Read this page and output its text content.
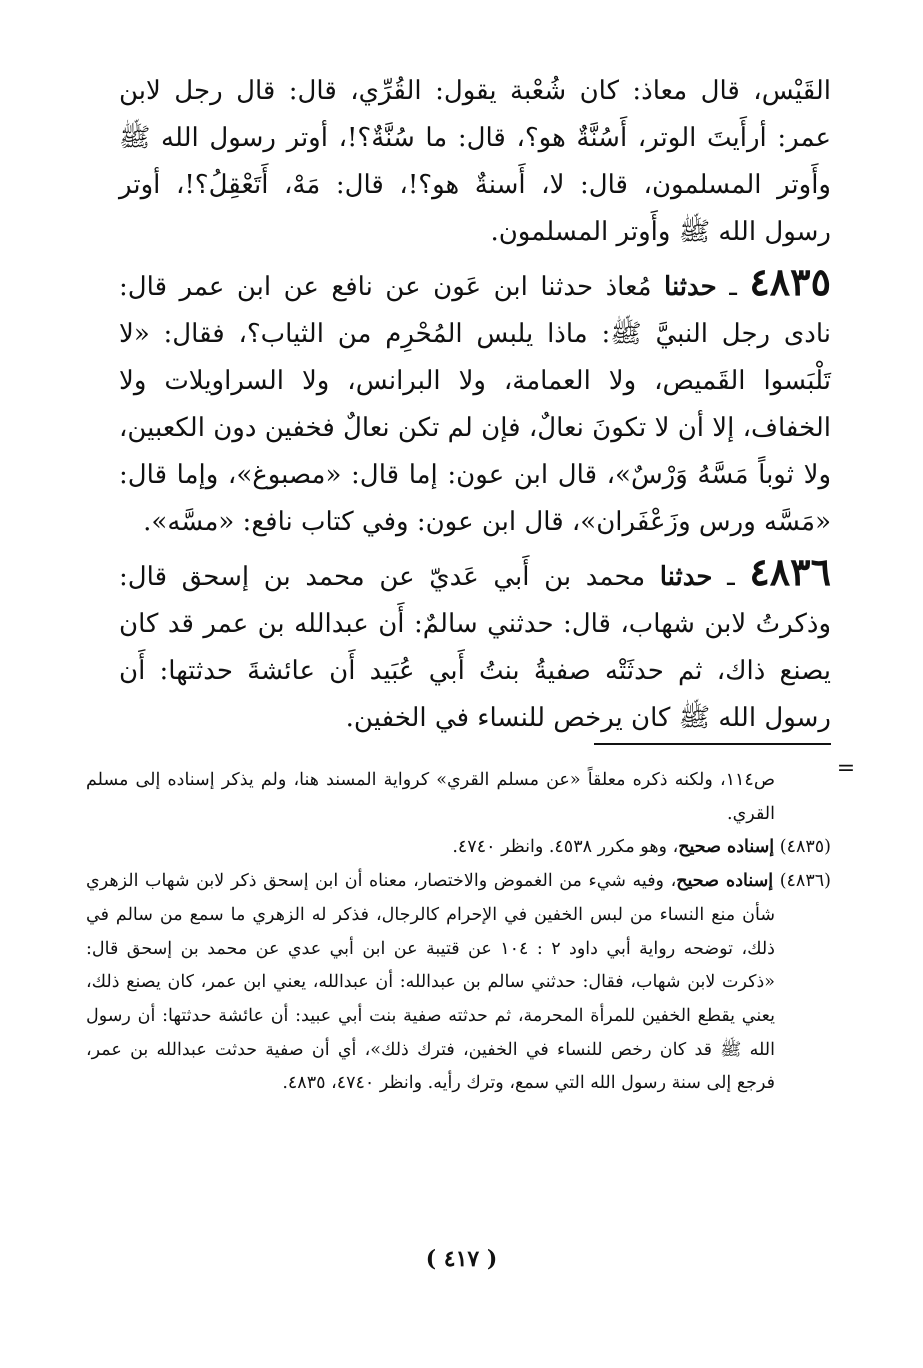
القَيْس، قال معاذ: كان شُعْبة يقول: القُرِّي، قال: قال رجل لابن عمر: أرأَيتَ الوتر، أَسُنَّةٌ هو؟، قال: ما سُنَّةٌ؟!، أوتر رسول الله ﷺ وأَوتر المسلمون، قال: لا، أَسنةٌ هو؟!، قال: مَهْ، أَتَعْقِلُ؟!، أوتر رسول الله ﷺ وأَوتر المسلمون.

٤٨٣٥ ـ حدثنا مُعاذ حدثنا ابن عَون عن نافع عن ابن عمر قال: نادى رجل النبيَّ ﷺ: ماذا يلبس المُحْرِم من الثياب؟، فقال: «لا تَلْبَسوا القَميص، ولا العمامة، ولا البرانس، ولا السراويلات ولا الخفاف، إلا أن لا تكونَ نعالٌ، فإن لم تكن نعالٌ فخفين دون الكعبين، ولا ثوباً مَسَّهُ وَرْسٌ»، قال ابن عون: إما قال: «مصبوغ»، وإما قال: «مَسَّه ورس وزَعْفَران»، قال ابن عون: وفي كتاب نافع: «مسَّه».

٤٨٣٦ ـ حدثنا محمد بن أَبي عَديّ عن محمد بن إسحق قال: وذكرتُ لابن شهاب، قال: حدثني سالمٌ: أَن عبدالله بن عمر قد كان يصنع ذاك، ثم حدثَتْه صفيةُ بنتُ أَبي عُبَيد أَن عائشةَ حدثتها: أَن رسول الله ﷺ كان يرخص للنساء في الخفين.

=

ص١١٤، ولكنه ذكره معلقاً «عن مسلم القري» كرواية المسند هنا، ولم يذكر إسناده إلى مسلم القري.

(٤٨٣٥) إسناده صحيح، وهو مكرر ٤٥٣٨. وانظر ٤٧٤٠.

(٤٨٣٦) إسناده صحيح، وفيه شيء من الغموض والاختصار، معناه أن ابن إسحق ذكر لابن شهاب الزهري شأن منع النساء من لبس الخفين في الإحرام كالرجال، فذكر له الزهري ما سمع من سالم في ذلك، توضحه رواية أبي داود ٢ : ١٠٤ عن قتيبة عن ابن أبي عدي عن محمد بن إسحق قال: «ذكرت لابن شهاب، فقال: حدثني سالم بن عبدالله: أن عبدالله، يعني ابن عمر، كان يصنع ذلك، يعني يقطع الخفين للمرأة المحرمة، ثم حدثته صفية بنت أبي عبيد: أن عائشة حدثتها: أن رسول الله ﷺ قد كان رخص للنساء في الخفين، فترك ذلك»، أي أن صفية حدثت عبدالله بن عمر، فرجع إلى سنة رسول الله التي سمع، وترك رأيه. وانظر ٤٧٤٠، ٤٨٣٥.

( ٤١٧ )
